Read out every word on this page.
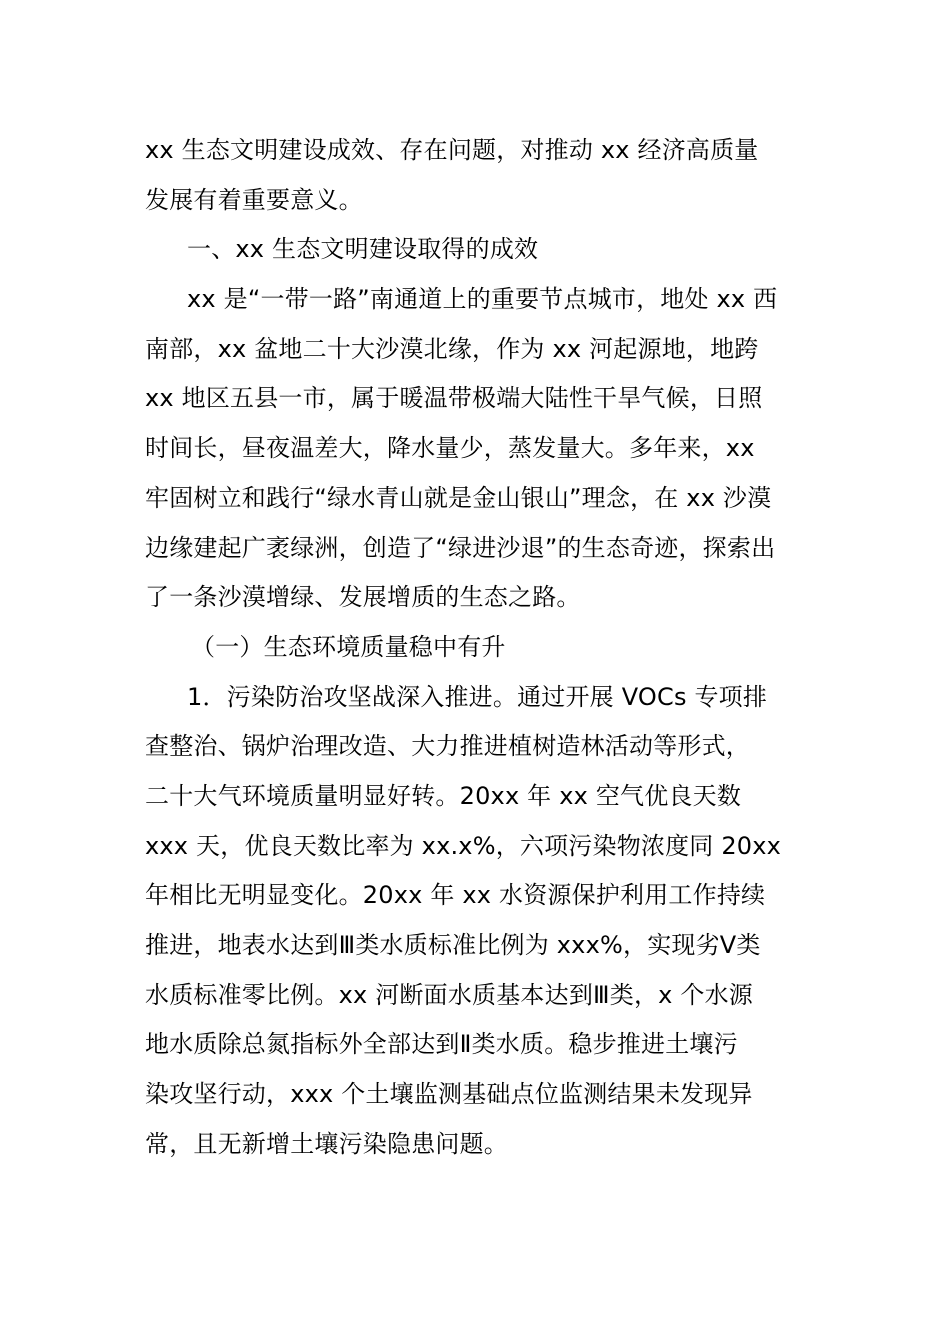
xx 生态文明建设成效、存在问题，对推动 xx 经济高质量
发展有着重要意义。
一、xx 生态文明建设取得的成效
xx 是“一带一路”南通道上的重要节点城市，地处 xx 西
南部，xx 盆地二十大沙漠北缘，作为 xx 河起源地，地跨
xx 地区五县一市，属于暖温带极端大陆性干旱气候，日照
时间长，昼夜温差大，降水量少，蒸发量大。多年来，xx
牢固树立和践行“绿水青山就是金山银山”理念，在 xx 沙漠
边缘建起广袤绿洲，创造了“绿进沙退”的生态奇迹，探索出
了一条沙漠增绿、发展增质的生态之路。
（一）生态环境质量稳中有升
1．污染防治攻坚战深入推进。通过开展 VOCs 专项排
查整治、锅炉治理改造、大力推进植树造林活动等形式，
二十大气环境质量明显好转。20xx 年 xx 空气优良天数
xxx 天，优良天数比率为 xx.x%，六项污染物浓度同 20xx
年相比无明显变化。20xx 年 xx 水资源保护利用工作持续
推进，地表水达到Ⅲ类水质标准比例为 xxx%，实现劣Ⅴ类
水质标准零比例。xx 河断面水质基本达到Ⅲ类，x 个水源
地水质除总氮指标外全部达到Ⅱ类水质。稳步推进土壤污
染攻坚行动，xxx 个土壤监测基础点位监测结果未发现异
常，且无新增土壤污染隐患问题。
